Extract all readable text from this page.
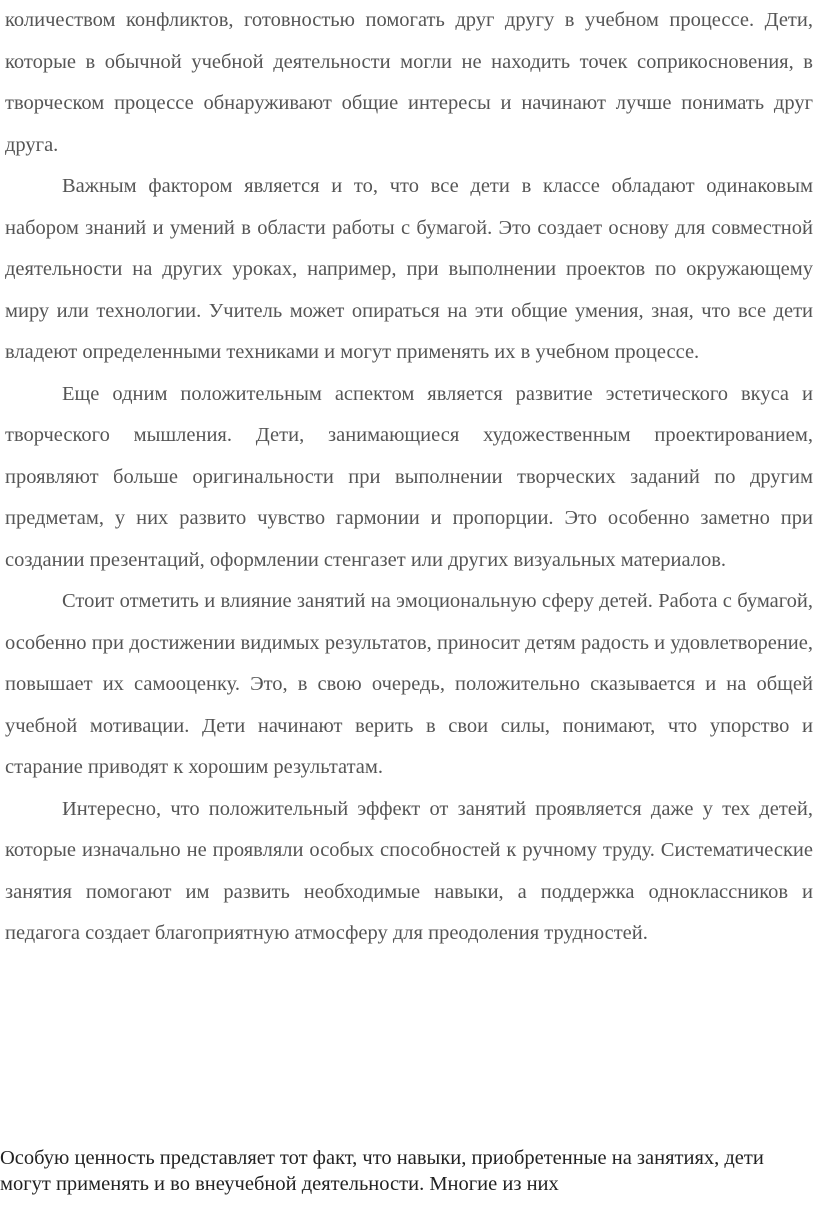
количеством конфликтов, готовностью помогать друг другу в учебном процессе. Дети, которые в обычной учебной деятельности могли не находить точек соприкосновения, в творческом процессе обнаруживают общие интересы и начинают лучше понимать друг друга.

Важным фактором является и то, что все дети в классе обладают одинаковым набором знаний и умений в области работы с бумагой. Это создает основу для совместной деятельности на других уроках, например, при выполнении проектов по окружающему миру или технологии. Учитель может опираться на эти общие умения, зная, что все дети владеют определенными техниками и могут применять их в учебном процессе.

Еще одним положительным аспектом является развитие эстетического вкуса и творческого мышления. Дети, занимающиеся художественным проектированием, проявляют больше оригинальности при выполнении творческих заданий по другим предметам, у них развито чувство гармонии и пропорции. Это особенно заметно при создании презентаций, оформлении стенгазет или других визуальных материалов.

Стоит отметить и влияние занятий на эмоциональную сферу детей. Работа с бумагой, особенно при достижении видимых результатов, приносит детям радость и удовлетворение, повышает их самооценку. Это, в свою очередь, положительно сказывается и на общей учебной мотивации. Дети начинают верить в свои силы, понимают, что упорство и старание приводят к хорошим результатам.

Интересно, что положительный эффект от занятий проявляется даже у тех детей, которые изначально не проявляли особых способностей к ручному труду. Систематические занятия помогают им развить необходимые навыки, а поддержка одноклассников и педагога создает благоприятную атмосферу для преодоления трудностей.

Особую ценность представляет тот факт, что навыки, приобретенные на занятиях, дети могут применять и во внеучебной деятельности. Многие из них
